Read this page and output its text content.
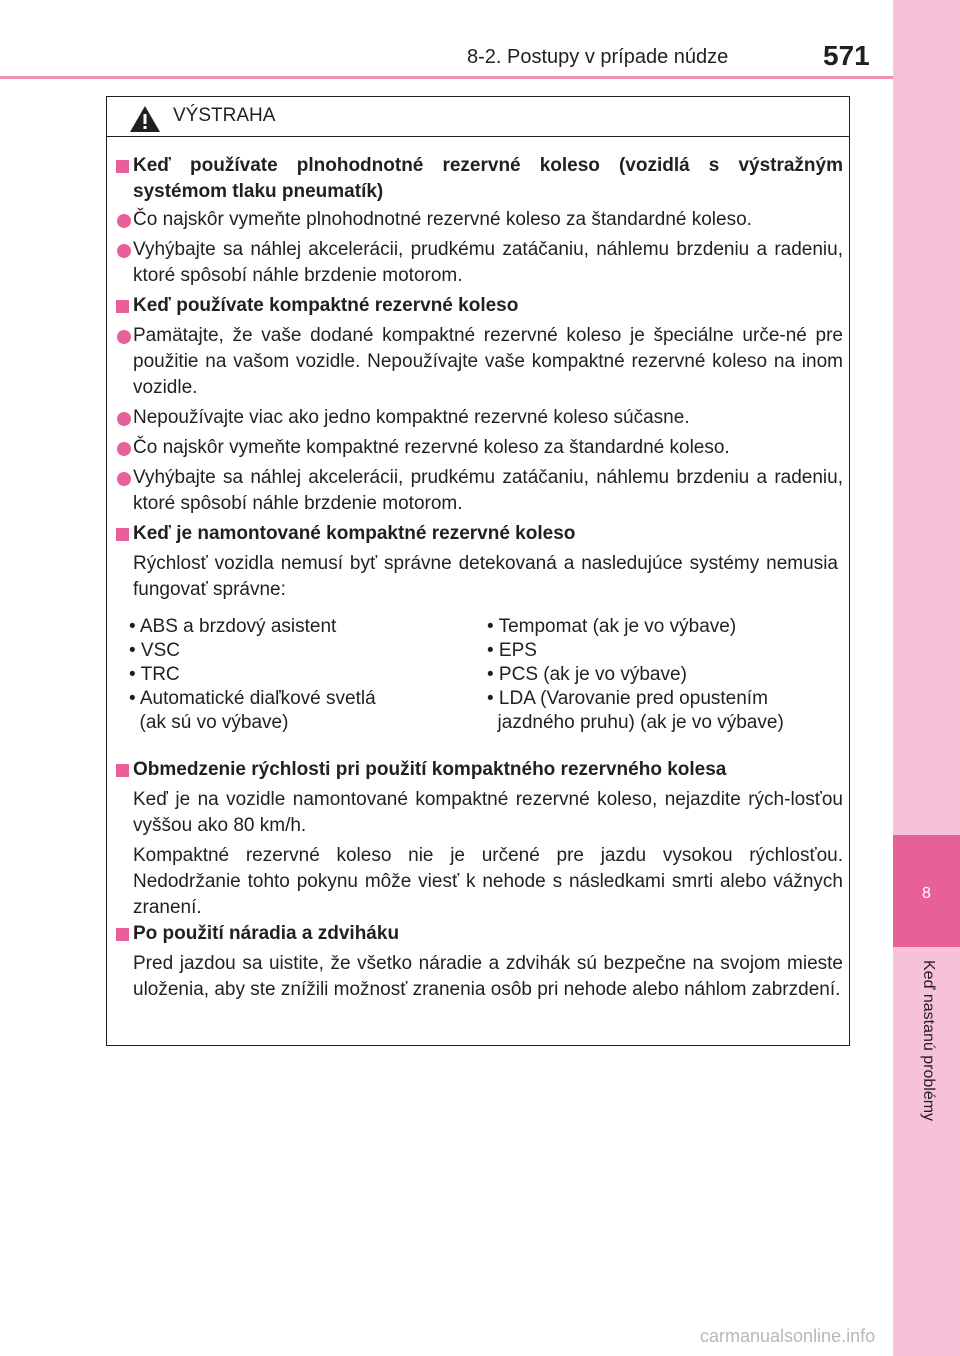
8-2. Postupy v prípade núdze	571
8
Keď nastanú problémy
VÝSTRAHA
Keď používate plnohodnotné rezervné koleso (vozidlá s výstražným systémom tlaku pneumatík)
Čo najskôr vymeňte plnohodnotné rezervné koleso za štandardné koleso.
Vyhýbajte sa náhlej akcelerácii, prudkému zatáčaniu, náhlemu brzdeniu a radeniu, ktoré spôsobí náhle brzdenie motorom.
Keď používate kompaktné rezervné koleso
Pamätajte, že vaše dodané kompaktné rezervné koleso je špeciálne urče-né pre použitie na vašom vozidle. Nepoužívajte vaše kompaktné rezervné koleso na inom vozidle.
Nepoužívajte viac ako jedno kompaktné rezervné koleso súčasne.
Čo najskôr vymeňte kompaktné rezervné koleso za štandardné koleso.
Vyhýbajte sa náhlej akcelerácii, prudkému zatáčaniu, náhlemu brzdeniu a radeniu, ktoré spôsobí náhle brzdenie motorom.
Keď je namontované kompaktné rezervné koleso
Rýchlosť vozidla nemusí byť správne detekovaná a nasledujúce systémy nemusia fungovať správne:
• ABS a brzdový asistent
• VSC
• TRC
• Automatické diaľkové svetlá
(ak sú vo výbave)
• Tempomat (ak je vo výbave)
• EPS
• PCS (ak je vo výbave)
• LDA (Varovanie pred opustením
jazdného pruhu) (ak je vo výbave)
Obmedzenie rýchlosti pri použití kompaktného rezervného kolesa
Keď je na vozidle namontované kompaktné rezervné koleso, nejazdite rých-losťou vyššou ako 80 km/h.
Kompaktné rezervné koleso nie je určené pre jazdu vysokou rýchlosťou. Nedodržanie tohto pokynu môže viesť k nehode s následkami smrti alebo vážnych zranení.
Po použití náradia a zdviháku
Pred jazdou sa uistite, že všetko náradie a zdvihák sú bezpečne na svojom mieste uloženia, aby ste znížili možnosť zranenia osôb pri nehode alebo náhlom zabrzdení.
carmanualsonline.info
